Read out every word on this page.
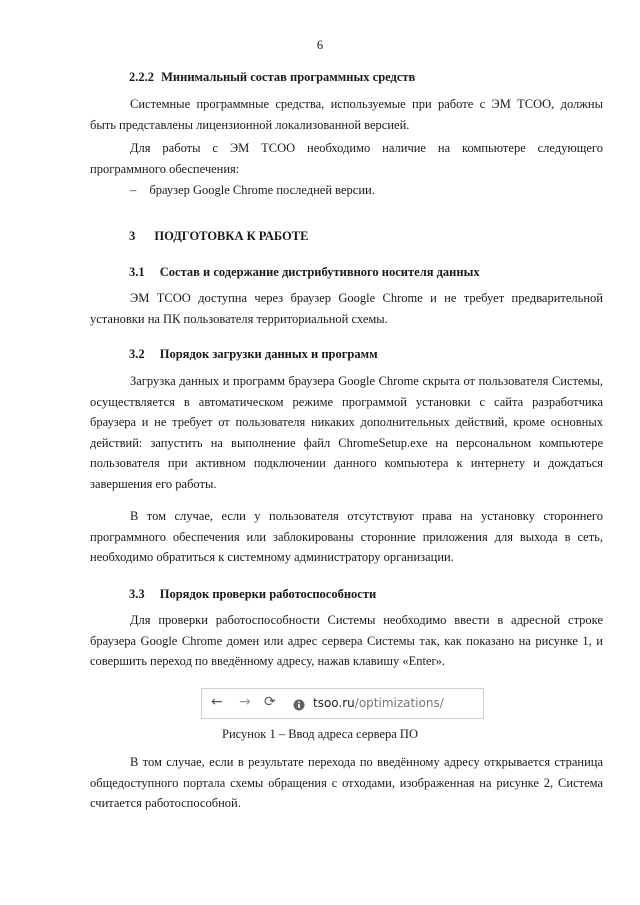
6
2.2.2 Минимальный состав программных средств
Системные программные средства, используемые при работе с ЭМ ТСОО, должны быть представлены лицензионной локализованной версией.
Для работы с ЭМ ТСОО необходимо наличие на компьютере следующего программного обеспечения:
– браузер Google Chrome последней версии.
3 ПОДГОТОВКА К РАБОТЕ
3.1 Состав и содержание дистрибутивного носителя данных
ЭМ ТСОО доступна через браузер Google Chrome и не требует предварительной установки на ПК пользователя территориальной схемы.
3.2 Порядок загрузки данных и программ
Загрузка данных и программ браузера Google Chrome скрыта от пользователя Системы, осуществляется в автоматическом режиме программой установки с сайта разработчика браузера и не требует от пользователя никаких дополнительных действий, кроме основных действий: запустить на выполнение файл ChromeSetup.exe на персональном компьютере пользователя при активном подключении данного компьютера к интернету и дождаться завершения его работы.
В том случае, если у пользователя отсутствуют права на установку стороннего программного обеспечения или заблокированы сторонние приложения для выхода в сеть, необходимо обратиться к системному администратору организации.
3.3 Порядок проверки работоспособности
Для проверки работоспособности Системы необходимо ввести в адресной строке браузера Google Chrome домен или адрес сервера Системы так, как показано на рисунке 1, и совершить переход по введённому адресу, нажав клавишу «Enter».
← → ⟳	tsoo.ru/optimizations/
Рисунок 1 – Ввод адреса сервера ПО
В том случае, если в результате перехода по введённому адресу открывается страница общедоступного портала схемы обращения с отходами, изображенная на рисунке 2, Система считается работоспособной.
